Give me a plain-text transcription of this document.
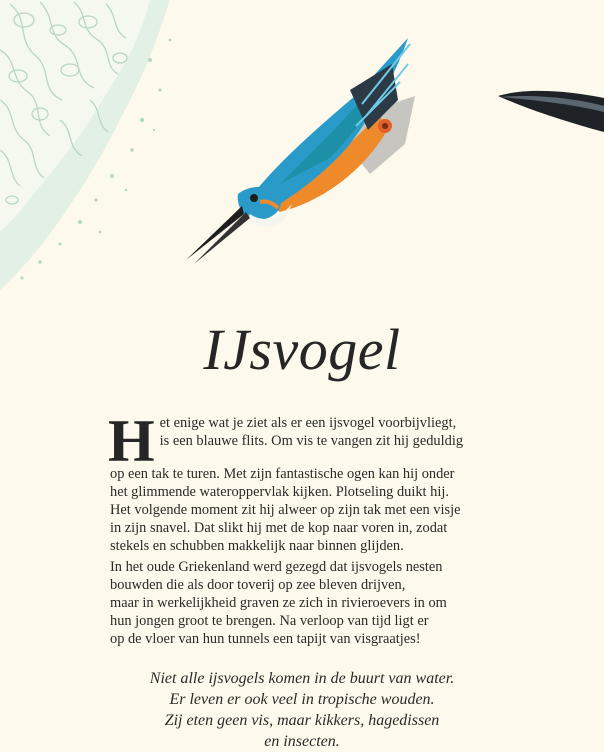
IJsvogel
H et enige wat je ziet als er een ijsvogel voorbijvliegt,
is een blauwe flits. Om vis te vangen zit hij geduldig
op een tak te turen. Met zijn fantastische ogen kan hij onder
het glimmende wateroppervlak kijken. Plotseling duikt hij.
Het volgende moment zit hij alweer op zijn tak met een visje
in zijn snavel. Dat slikt hij met de kop naar voren in, zodat
stekels en schubben makkelijk naar binnen glijden.
In het oude Griekenland werd gezegd dat ijsvogels nesten
bouwden die als door toverij op zee bleven drijven,
maar in werkelijkheid graven ze zich in rivieroevers in om
hun jongen groot te brengen. Na verloop van tijd ligt er
op de vloer van hun tunnels een tapijt van visgraatjes!
Niet alle ijsvogels komen in de buurt van water.
Er leven er ook veel in tropische wouden.
Zij eten geen vis, maar kikkers, hagedissen
en insecten.
